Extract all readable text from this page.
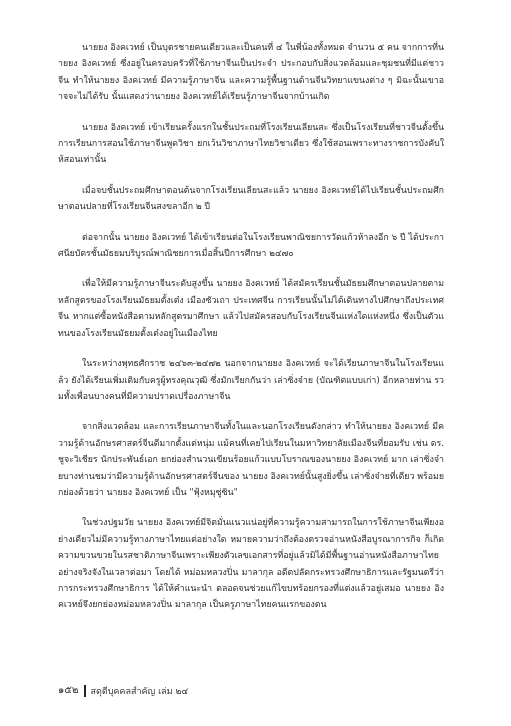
นายยง อิงคเวทย์ เป็นบุตรชายคนเดียวและเป็นคนที่ ๔ ในพี่น้องทั้งหมด จำนวน ๕ คน จากการที่นายยง อิงคเวทย์ ซึ่งอยู่ในครอบครัวที่ใช้ภาษาจีนเป็นประจำ ประกอบกับสิ่งแวดล้อมและชุมชนที่มีแต่ชาวจีน ทำให้นายยง อิงคเวทย์ มีความรู้ภาษาจีน และความรู้พื้นฐานด้านจีนวิทยาแขนงต่าง ๆ มิฉะนั้นเขาอาจจะไม่ได้รับ นั้นแสดงว่านายยง อิงคเวทย์ได้เรียนรู้ภาษาจีนจากบ้านเกิด

นายยง อิงคเวทย์ เข้าเรียนครั้งแรกในชั้นประถมที่โรงเรียนเลียนสะ ซึ่งเป็นโรงเรียนที่ชาวจีนตั้งขึ้น การเรียนการสอนใช้ภาษาจีนพูดวิชา ยกเว้นวิชาภาษาไทยวิชาเดียว ซึ่งใช้สอนเพราะทางราชการบังคับให้สอนเท่านั้น

เมื่อจบชั้นประถมศึกษาตอนต้นจากโรงเรียนเลียนสะแล้ว นายยง อิงคเวทย์ได้ไปเรียนชั้นประถมศึกษาตอนปลายที่โรงเรียนจีนสงขลาอีก ๒ ปี

ต่อจากนั้น นายยง อิงคเวทย์ ได้เข้าเรียนต่อในโรงเรียนพาณิชยการวัดแก้วห้าลงอีก ๖ ปี ได้ประกาศนียบัตรชั้นมัธยมบริบูรณ์พาณิชยการเมื่อสิ้นปีการศึกษา ๒๔๗๐

เพื่อให้มีความรู้ภาษาจีนระดับสูงขึ้น นายยง อิงคเวทย์ ได้สมัครเรียนชั้นมัธยมศึกษาตอนปลายตามหลักสูตรของโรงเรียนมัธยมตั้งเต๋ง เมืองซัวเถา ประเทศจีน การเรียนนั้นไม่ได้เดินทางไปศึกษาถึงประเทศจีน หากแต่ซื้อหนังสือตามหลักสูตรมาศึกษา แล้วไปสมัครสอบกับโรงเรียนจีนแห่งใดแห่งหนึ่ง ซึ่งเป็นตัวแทนของโรงเรียนมัธยมตั้งเต๋งอยู่ในเมืองไทย

ในระหว่างพุทธศักราช ๒๔๖๓-๒๔๗๒ นอกจากนายยง อิงคเวทย์ จะได้เรียนภาษาจีนในโรงเรียนแล้ว ยังได้เรียนเพิ่มเติมกับครูผู้ทรงคุณวุฒิ ซึ่งมักเรียกกันว่า เล่าซิ่งจ๋าย (บัณฑิตแบบเก่า) อีกหลายท่าน รวมทั้งเพื่อนบางคนที่มีความปราดเปรื่องภาษาจีน

จากสิ่งแวดล้อม และการเรียนภาษาจีนทั้งในและนอกโรงเรียนดังกล่าว ทำให้นายยง อิงคเวทย์ มีความรู้ด้านอักษรศาสตร์จีนดีมากตั้งแต่หนุ่ม แม้คนที่เคยไปเรียนในมหาวิทยาลัยเมืองจีนที่ยอมรับ เช่น ดร. ชูจะวิเชียร นักประพันธ์เอก ยกย่องสำนวนเขียนร้อยแก้วแบบโบราณของนายยง อิงคเวทย์ มาก เล่าซิ่งจ๋ายบางท่านชมว่ามีความรู้ด้านอักษรศาสตร์จีนของ นายยง อิงคเวทย์นั้นสูงยิ่งขึ้น เล่าซิ่งจ๋ายที่เดียว พร้อมยกย่องด้วยว่า นายยง อิงคเวทย์ เป็น "ฟุ้งหมุซู่ซิน"

ในช่วงปฐมวัย นายยง อิงคเวทย์มีจิตมั่นแนวแน่อยู่ที่ความรู้ความสามารถในการใช้ภาษาจีนเพียงอย่างเดียวไม่มีความรู้ทางภาษาไทยแต่อย่างใด หมายความว่าถึงต้องตรวจอ่านหนังสือบูรณาการกิจ ก็เกิดความขวนขวยในรสชาติภาษาจีนเพราะเพียงตัวเลขเอกสารที่อยู่แล้วมิได้มีพื้นฐานอ่านหนังสือภาษาไทยอย่างจริงจังในเวลาต่อมา โดยได้ หม่อมหลวงปิ่น มาลากุล อดีตปลัดกระทรวงศึกษาธิการและรัฐมนตรีว่าการกระทรวงศึกษาธิการ ได้ให้คำแนะนำ ตลอดจนช่วยแก้ไขบทร้อยกรองที่แต่งแล้วอยู่เสมอ นายยง อิงคเวทย์จึงยกย่องหม่อมหลวงปิ่น มาลากุล เป็นครูภาษาไทยคนแรกของตน

๑๕๒ สดุดีบุคคลสำคัญ เล่ม ๒๔
